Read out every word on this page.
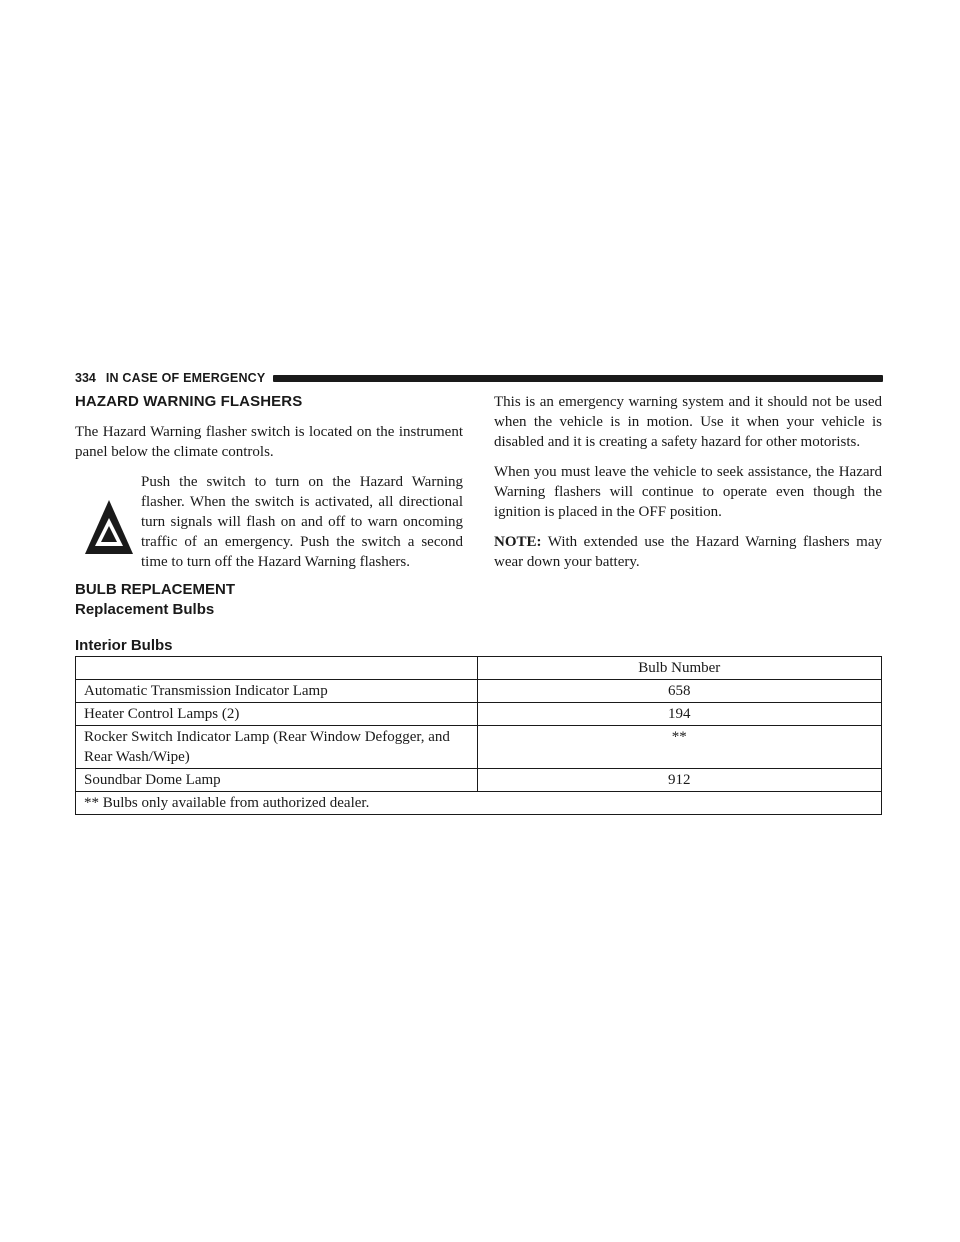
334 IN CASE OF EMERGENCY
HAZARD WARNING FLASHERS

The Hazard Warning flasher switch is located on the instrument panel below the climate controls.

Push the switch to turn on the Hazard Warning flasher. When the switch is activated, all directional turn signals will flash on and off to warn oncoming traffic of an emergency. Push the switch a second time to turn off the Hazard Warning flashers.

This is an emergency warning system and it should not be used when the vehicle is in motion. Use it when your vehicle is disabled and it is creating a safety hazard for other motorists.

When you must leave the vehicle to seek assistance, the Hazard Warning flashers will continue to operate even though the ignition is placed in the OFF position.

NOTE: With extended use the Hazard Warning flashers may wear down your battery.

BULB REPLACEMENT
Replacement Bulbs
Interior Bulbs
	Bulb Number
Automatic Transmission Indicator Lamp	658
Heater Control Lamps (2)	194
Rocker Switch Indicator Lamp (Rear Window Defogger, and Rear Wash/Wipe)	**
Soundbar Dome Lamp	912
** Bulbs only available from authorized dealer.	
